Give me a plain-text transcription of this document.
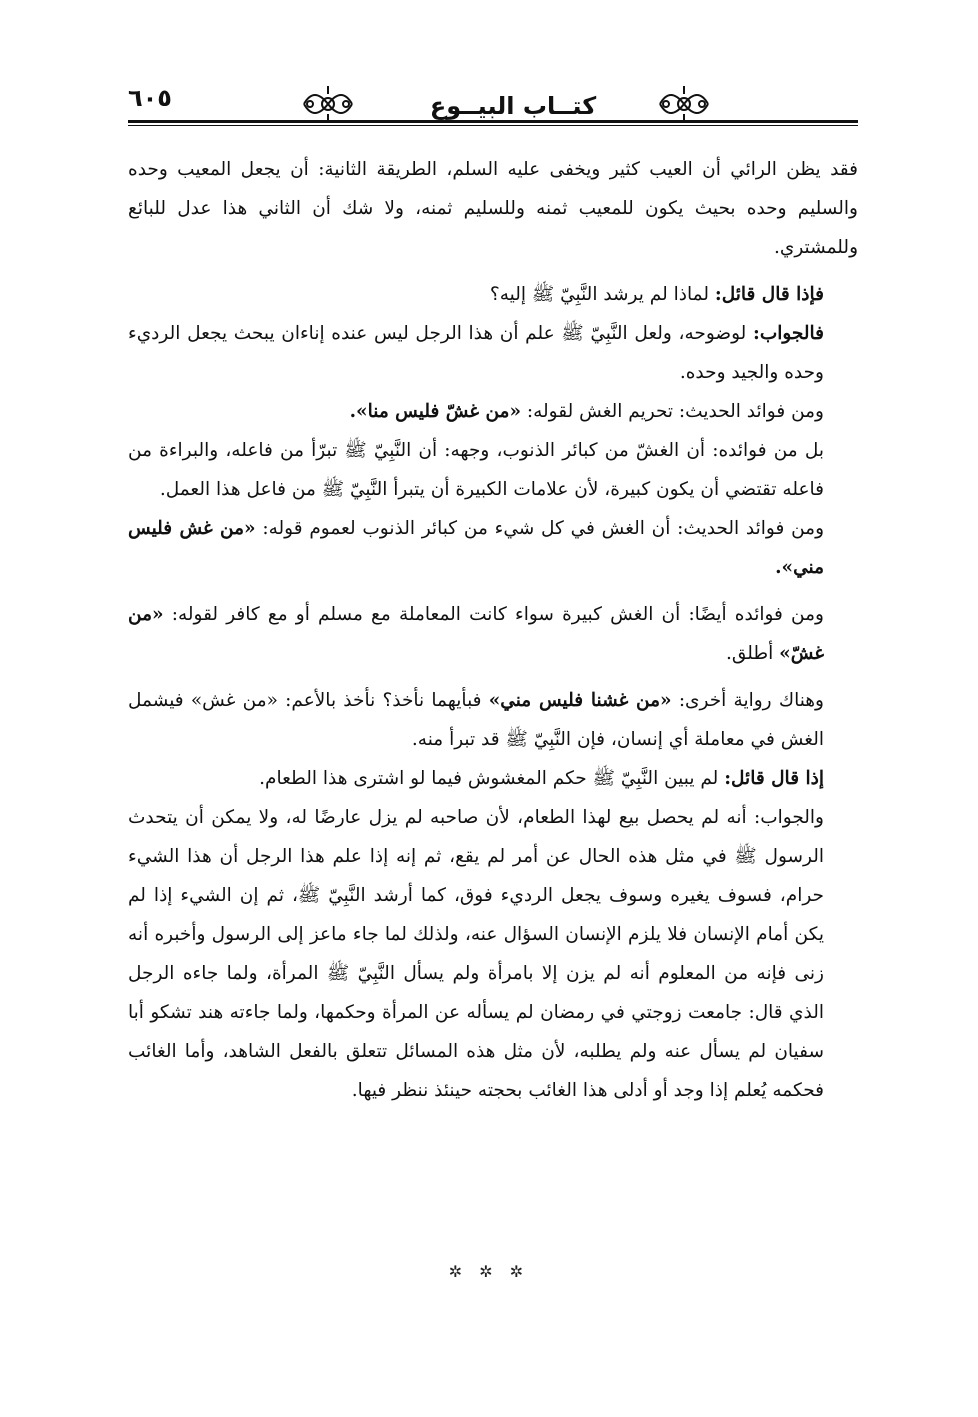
٦٠٥	كتــاب البيــوع

فقد يظن الرائي أن العيب كثير ويخفى عليه السلم، الطريقة الثانية: أن يجعل المعيب وحده والسليم وحده بحيث يكون للمعيب ثمنه وللسليم ثمنه، ولا شك أن الثاني هذا عدل للبائع وللمشتري.

فإذا قال قائل: لماذا لم يرشد النَّبِيّ ﷺ إليه؟

فالجواب: لوضوحه، ولعل النَّبِيّ ﷺ علم أن هذا الرجل ليس عنده إناءان يبحث يجعل الرديء وحده والجيد وحده.

ومن فوائد الحديث: تحريم الغش لقوله: «من غشّ فليس منا».

بل من فوائده: أن الغشّ من كبائر الذنوب، وجهه: أن النَّبِيّ ﷺ تبرّأ من فاعله، والبراءة من فاعله تقتضي أن يكون كبيرة، لأن علامات الكبيرة أن يتبرأ النَّبِيّ ﷺ من فاعل هذا العمل.

ومن فوائد الحديث: أن الغش في كل شيء من كبائر الذنوب لعموم قوله: «من غش فليس مني».

ومن فوائده أيضًا: أن الغش كبيرة سواء كانت المعاملة مع مسلم أو مع كافر لقوله: «من غشّ» أطلق.

وهناك رواية أخرى: «من غشنا فليس مني» فبأيهما نأخذ؟ نأخذ بالأعم: «من غش» فيشمل الغش في معاملة أي إنسان، فإن النَّبِيّ ﷺ قد تبرأ منه.

إذا قال قائل: لم يبين النَّبِيّ ﷺ حكم المغشوش فيما لو اشترى هذا الطعام.

والجواب: أنه لم يحصل بيع لهذا الطعام، لأن صاحبه لم يزل عارضًا له، ولا يمكن أن يتحدث الرسول ﷺ في مثل هذه الحال عن أمر لم يقع، ثم إنه إذا علم هذا الرجل أن هذا الشيء حرام، فسوف يغيره وسوف يجعل الرديء فوق، كما أرشد النَّبِيّ ﷺ، ثم إن الشيء إذا لم يكن أمام الإنسان فلا يلزم الإنسان السؤال عنه، ولذلك لما جاء ماعز إلى الرسول وأخبره أنه زنى فإنه من المعلوم أنه لم يزن إلا بامرأة ولم يسأل النَّبِيّ ﷺ المرأة، ولما جاءه الرجل الذي قال: جامعت زوجتي في رمضان لم يسأله عن المرأة وحكمها، ولما جاءته هند تشكو أبا سفيان لم يسأل عنه ولم يطلبه، لأن مثل هذه المسائل تتعلق بالفعل الشاهد، وأما الغائب فحكمه يُعلم إذا وجد أو أدلى هذا الغائب بحجته حينئذ ننظر فيها.

✲ ✲ ✲
